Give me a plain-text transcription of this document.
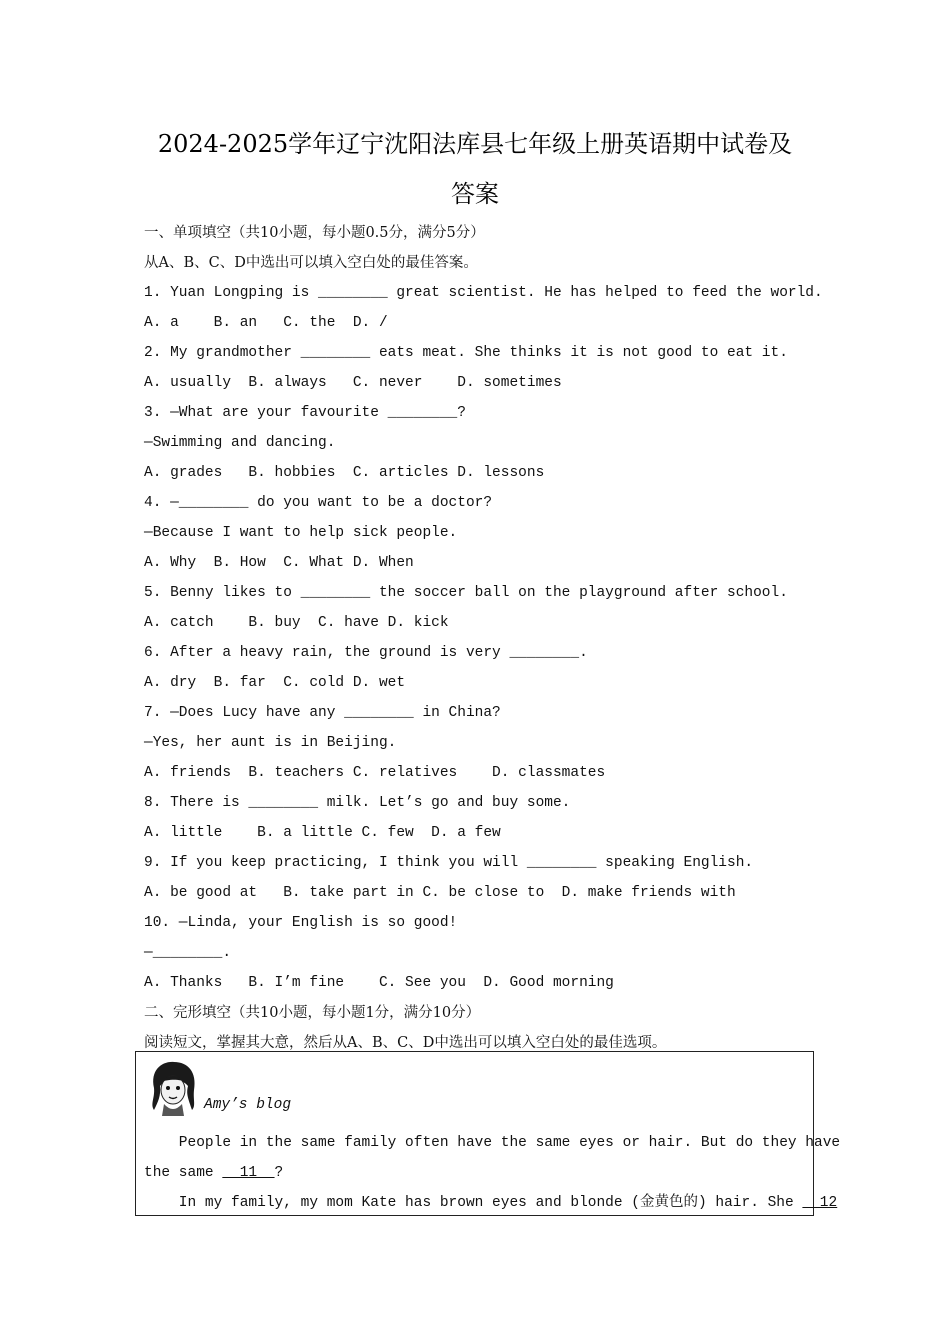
2024-2025学年辽宁沈阳法库县七年级上册英语期中试卷及
答案
一、单项填空（共10小题，每小题0.5分，满分5分）
从A、B、C、D中选出可以填入空白处的最佳答案。
1. Yuan Longping is ________ great scientist. He has helped to feed the world.
A. a    B. an   C. the  D. /
2. My grandmother ________ eats meat. She thinks it is not good to eat it.
A. usually  B. always   C. never    D. sometimes
3. —What are your favourite ________?
—Swimming and dancing.
A. grades   B. hobbies  C. articles D. lessons
4. —________ do you want to be a doctor?
—Because I want to help sick people.
A. Why  B. How  C. What D. When
5. Benny likes to ________ the soccer ball on the playground after school.
A. catch    B. buy  C. have D. kick
6. After a heavy rain, the ground is very ________.
A. dry  B. far  C. cold D. wet
7. —Does Lucy have any ________ in China?
—Yes, her aunt is in Beijing.
A. friends  B. teachers C. relatives    D. classmates
8. There is ________ milk. Let’s go and buy some.
A. little    B. a little C. few  D. a few
9. If you keep practicing, I think you will ________ speaking English.
A. be good at   B. take part in C. be close to  D. make friends with
10. —Linda, your English is so good!
—________.
A. Thanks   B. I’m fine    C. See you  D. Good morning
二、完形填空（共10小题，每小题1分，满分10分）
阅读短文，掌握其大意，然后从A、B、C、D中选出可以填入空白处的最佳选项。
Amy’s blog
People in the same family often have the same eyes or hair. But do they have
the same   11  ?
In my family, my mom Kate has brown eyes and blonde (金黄色的) hair. She   12
